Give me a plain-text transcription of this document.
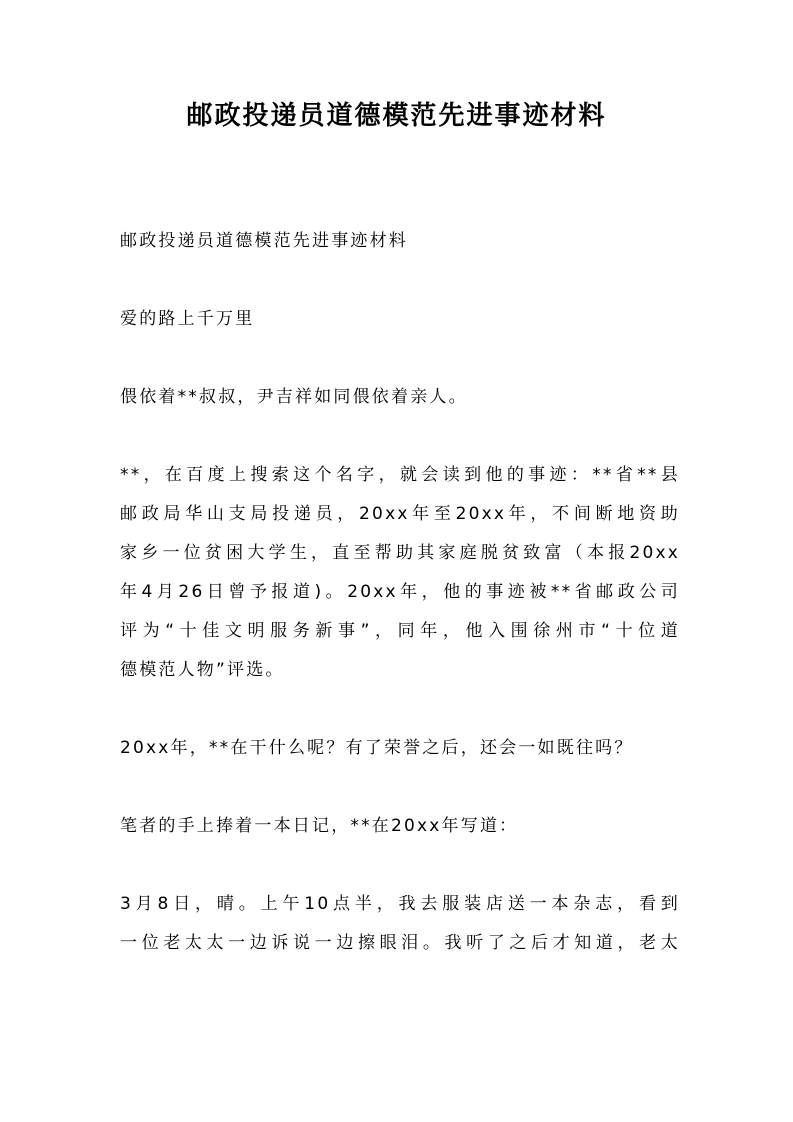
邮政投递员道德模范先进事迹材料

邮政投递员道德模范先进事迹材料

爱的路上千万里

偎依着**叔叔，尹吉祥如同偎依着亲人。

**，在百度上搜索这个名字，就会读到他的事迹：**省**县
邮政局华山支局投递员，20xx年至20xx年，不间断地资助
家乡一位贫困大学生，直至帮助其家庭脱贫致富（本报20xx
年4月26日曾予报道)。20xx年，他的事迹被**省邮政公司
评为“十佳文明服务新事”，同年，他入围徐州市“十位道
德模范人物”评选。

20xx年，**在干什么呢？有了荣誉之后，还会一如既往吗？

笔者的手上捧着一本日记，**在20xx年写道：

3月8日，晴。上午10点半，我去服装店送一本杂志，看到
一位老太太一边诉说一边擦眼泪。我听了之后才知道，老太
